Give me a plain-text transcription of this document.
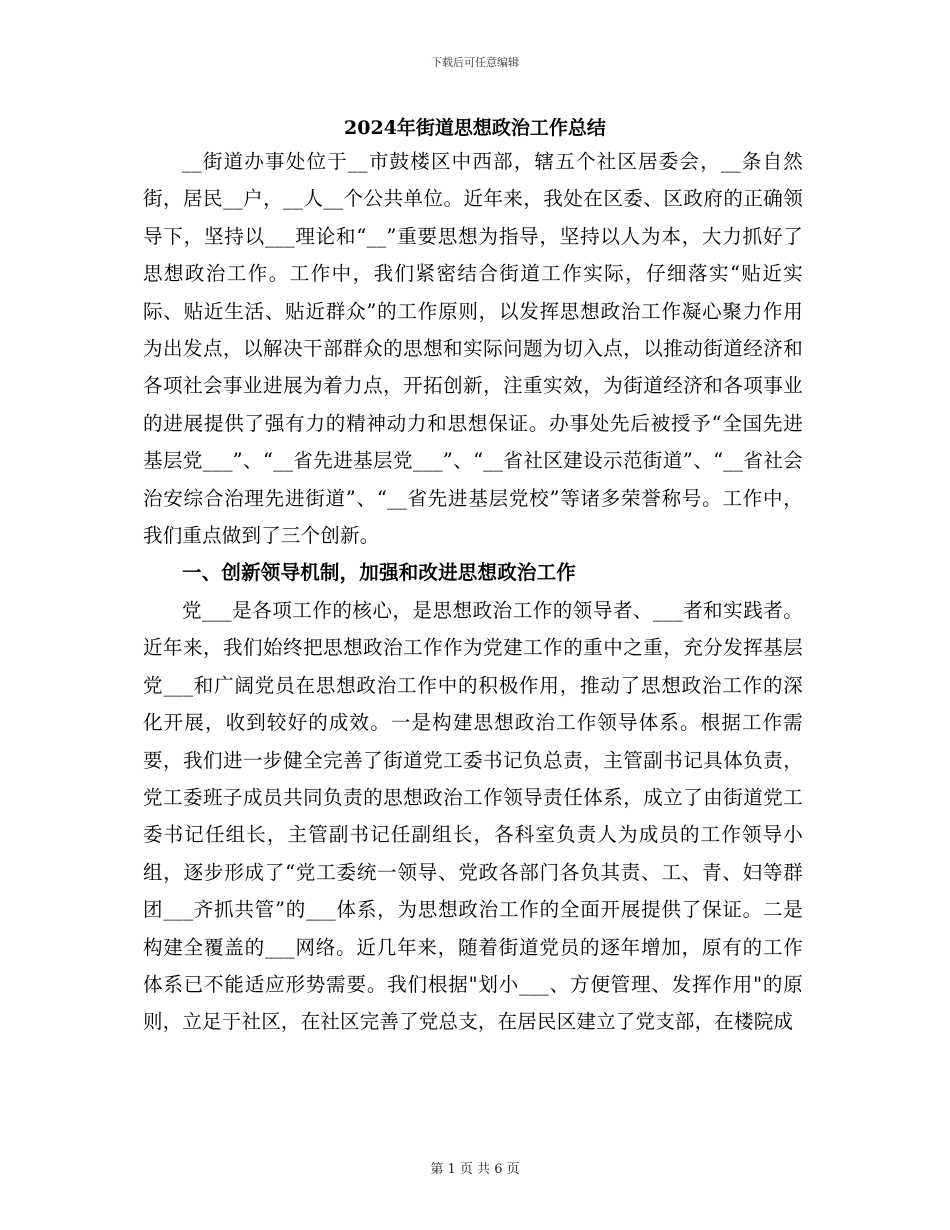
下载后可任意编辑
2024年街道思想政治工作总结

__街道办事处位于__市鼓楼区中西部，辖五个社区居委会，__条自然街，居民__户，__人__个公共单位。近年来，我处在区委、区政府的正确领导下，坚持以___理论和“__”重要思想为指导，坚持以人为本，大力抓好了思想政治工作。工作中，我们紧密结合街道工作实际，仔细落实“贴近实际、贴近生活、贴近群众”的工作原则，以发挥思想政治工作凝心聚力作用为出发点，以解决干部群众的思想和实际问题为切入点，以推动街道经济和各项社会事业进展为着力点，开拓创新，注重实效，为街道经济和各项事业的进展提供了强有力的精神动力和思想保证。办事处先后被授予“全国先进基层党___”、“__省先进基层党___”、“__省社区建设示范街道”、“__省社会治安综合治理先进街道”、“__省先进基层党校”等诸多荣誉称号。工作中，我们重点做到了三个创新。

一、创新领导机制，加强和改进思想政治工作

党___是各项工作的核心，是思想政治工作的领导者、___者和实践者。近年来，我们始终把思想政治工作作为党建工作的重中之重，充分发挥基层党___和广阔党员在思想政治工作中的积极作用，推动了思想政治工作的深化开展，收到较好的成效。一是构建思想政治工作领导体系。根据工作需要，我们进一步健全完善了街道党工委书记负总责，主管副书记具体负责，党工委班子成员共同负责的思想政治工作领导责任体系，成立了由街道党工委书记任组长，主管副书记任副组长，各科室负责人为成员的工作领导小组，逐步形成了“党工委统一领导、党政各部门各负其责、工、青、妇等群团___齐抓共管”的___体系，为思想政治工作的全面开展提供了保证。二是构建全覆盖的___网络。近几年来，随着街道党员的逐年增加，原有的工作体系已不能适应形势需要。我们根据"划小___、方便管理、发挥作用"的原则，立足于社区，在社区完善了党总支，在居民区建立了党支部，在楼院成

第 1 页 共 6 页
